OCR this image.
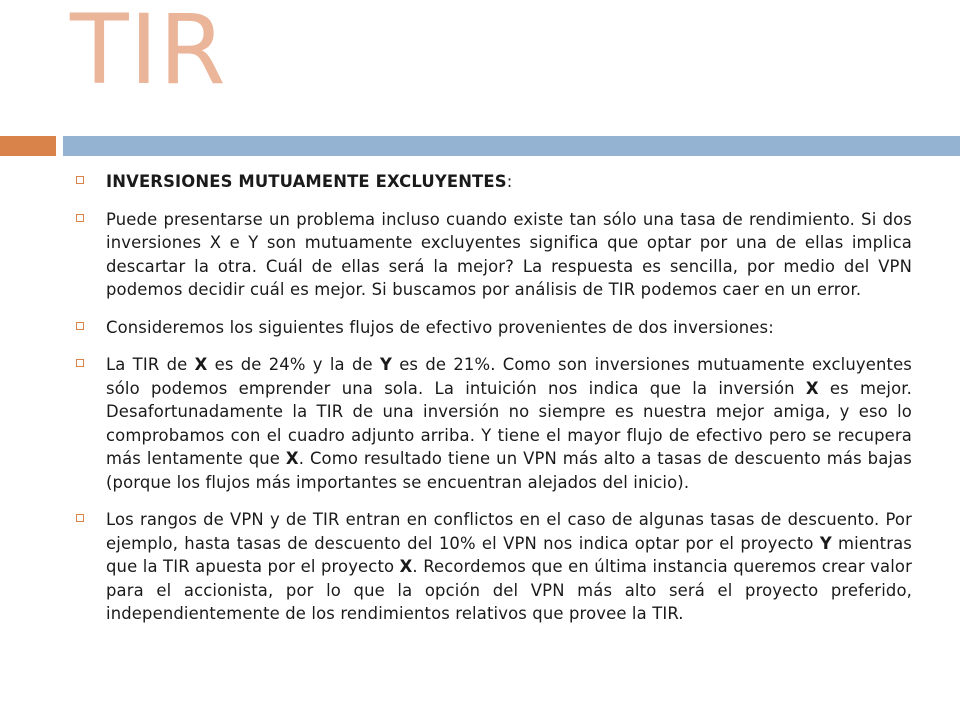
TIR
INVERSIONES MUTUAMENTE EXCLUYENTES:
Puede presentarse un problema incluso cuando existe tan sólo una tasa de rendimiento. Si dos inversiones X e Y son mutuamente excluyentes significa que optar por una de ellas implica descartar la otra. Cuál de ellas será la mejor? La respuesta es sencilla, por medio del VPN podemos decidir cuál es mejor. Si buscamos por análisis de TIR podemos caer en un error.
Consideremos los siguientes flujos de efectivo provenientes de dos inversiones:
La TIR de X es de 24% y la de Y es de 21%. Como son inversiones mutuamente excluyentes sólo podemos emprender una sola. La intuición nos indica que la inversión X es mejor. Desafortunadamente la TIR de una inversión no siempre es nuestra mejor amiga, y eso lo comprobamos con el cuadro adjunto arriba. Y tiene el mayor flujo de efectivo pero se recupera más lentamente que X. Como resultado tiene un VPN más alto a tasas de descuento más bajas (porque los flujos más importantes se encuentran alejados del inicio).
Los rangos de VPN y de TIR entran en conflictos en el caso de algunas tasas de descuento. Por ejemplo, hasta tasas de descuento del 10% el VPN nos indica optar por el proyecto Y mientras que la TIR apuesta por el proyecto X. Recordemos que en última instancia queremos crear valor para el accionista, por lo que la opción del VPN más alto será el proyecto preferido, independientemente de los rendimientos relativos que provee la TIR.
